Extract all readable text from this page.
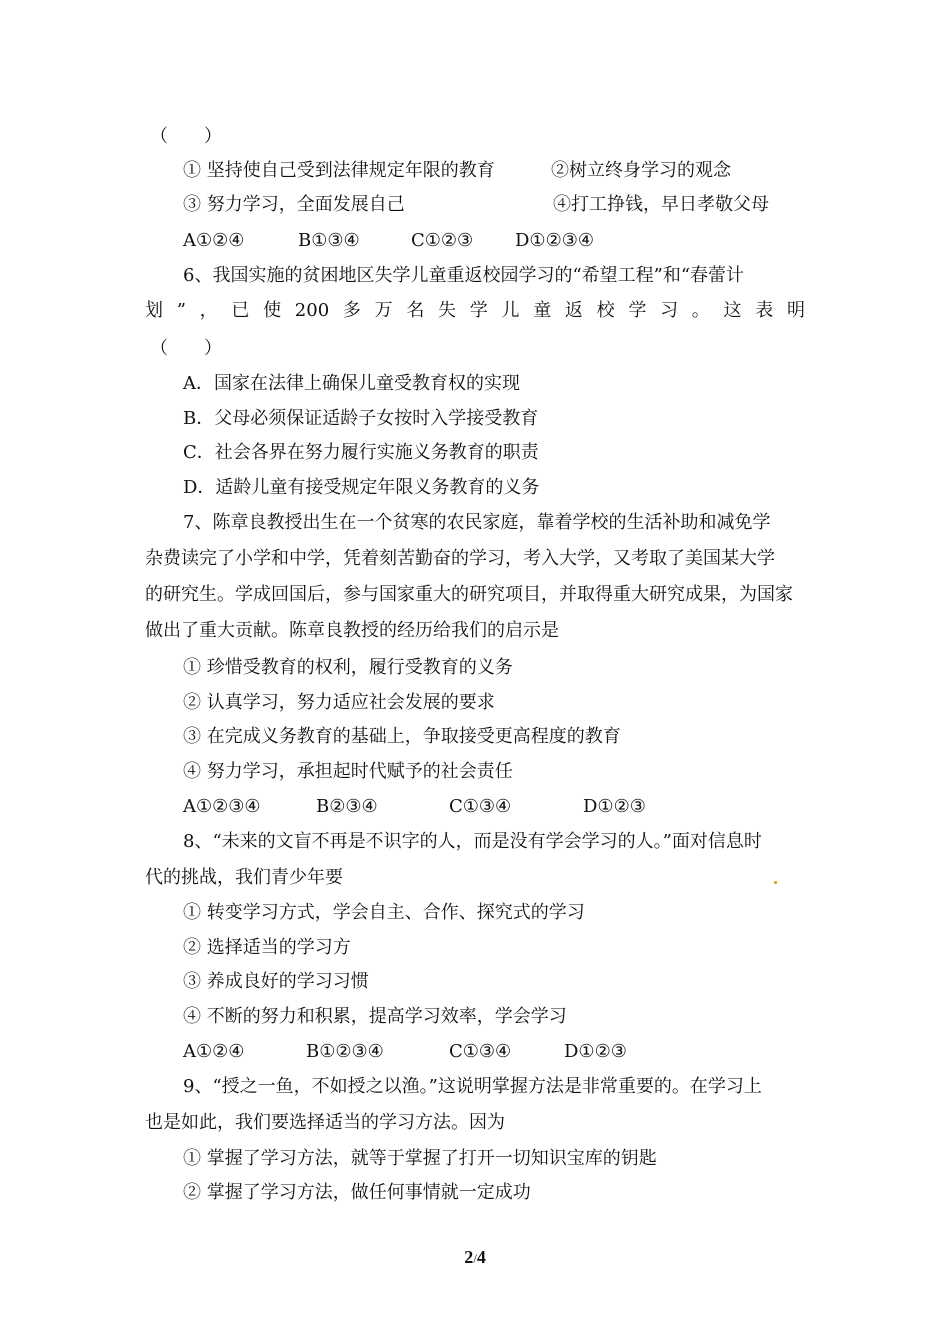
（　　）
① 坚持使自己受到法律规定年限的教育	②树立终身学习的观念
③ 努力学习，全面发展自己	④打工挣钱，早日孝敬父母
A①②④	B①③④	C①②③ D①②③④
6、我国实施的贫困地区失学儿童重返校园学习的“希望工程”和“春蕾计
划 ” ， 已 使 200 多 万 名 失 学 儿 童 返 校 学 习 。 这 表 明
（　　）
A．国家在法律上确保儿童受教育权的实现
B．父母必须保证适龄子女按时入学接受教育
C．社会各界在努力履行实施义务教育的职责
D．适龄儿童有接受规定年限义务教育的义务
7、陈章良教授出生在一个贫寒的农民家庭，靠着学校的生活补助和减免学
杂费读完了小学和中学，凭着刻苦勤奋的学习，考入大学，又考取了美国某大学
的研究生。学成回国后，参与国家重大的研究项目，并取得重大研究成果，为国家
做出了重大贡献。陈章良教授的经历给我们的启示是
① 珍惜受教育的权利，履行受教育的义务
② 认真学习，努力适应社会发展的要求
③ 在完成义务教育的基础上，争取接受更高程度的教育
④ 努力学习，承担起时代赋予的社会责任
A①②③④	B②③④	C①③④	D①②③
8、“未来的文盲不再是不识字的人，而是没有学会学习的人。”面对信息时
代的挑战，我们青少年要
① 转变学习方式，学会自主、合作、探究式的学习
② 选择适当的学习方
③ 养成良好的学习习惯
④ 不断的努力和积累，提高学习效率，学会学习
A①②④	B①②③④	C①③④	D①②③
9、“授之一鱼，不如授之以渔。”这说明掌握方法是非常重要的。在学习上
也是如此，我们要选择适当的学习方法。因为
① 掌握了学习方法，就等于掌握了打开一切知识宝库的钥匙
② 掌握了学习方法，做任何事情就一定成功
2/4
